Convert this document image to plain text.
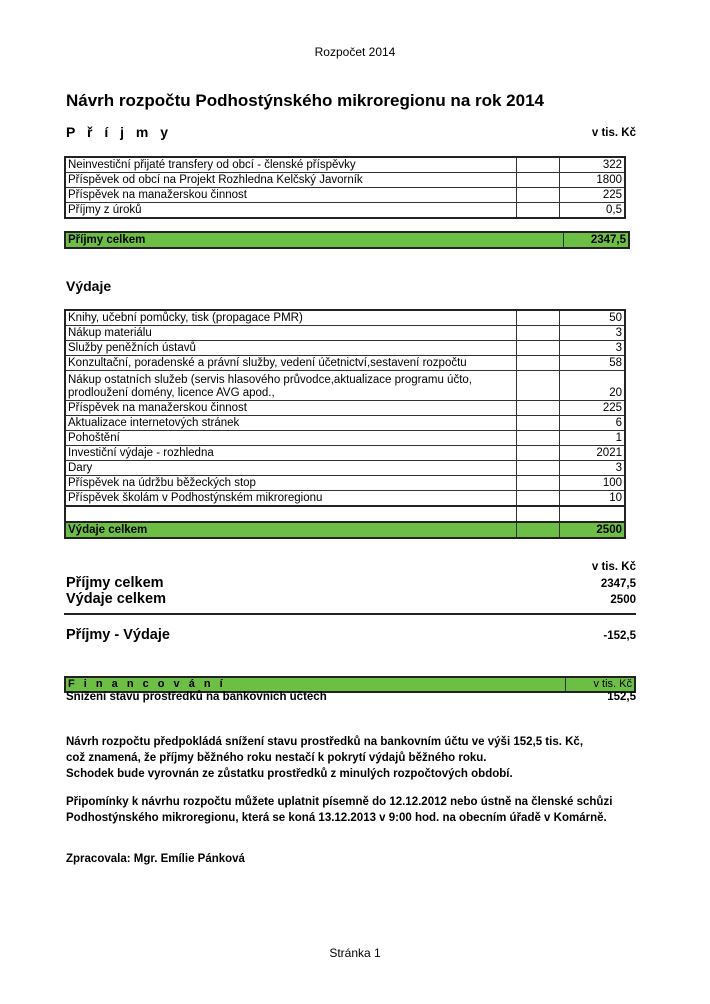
Rozpočet 2014
Návrh rozpočtu Podhostýnského mikroregionu na rok 2014
P ř í j m y	v tis. Kč
Neinvestiční přijaté transfery od obcí - členské příspěvky		322
Příspěvek od obcí na Projekt Rozhledna Kelčský Javorník		1800
Příspěvek na manažerskou činnost		225
Příjmy z úroků		0,5
Příjmy celkem	2347,5
Výdaje
Knihy, učební pomůcky, tisk (propagace PMR)		50
Nákup materiálu		3
Služby peněžních ústavů		3
Konzultační, poradenské a právní služby, vedení účetnictví,sestavení rozpočtu		58
Nákup ostatních služeb (servis hlasového průvodce,aktualizace programu účto, prodloužení domény, licence AVG apod.,		20
Příspěvek na manažerskou činnost		225
Aktualizace internetových stránek		6
Pohoštění		1
Investiční výdaje - rozhledna		2021
Dary		3
Příspěvek na údržbu běžeckých stop		100
Příspěvek školám v Podhostýnském mikroregionu		10

Výdaje celkem		2500
v tis. Kč
Příjmy celkem	2347,5
Výdaje celkem	2500
Příjmy - Výdaje	-152,5
F i n a n c o v á n í	v tis. Kč
Snížení stavu prostředků na bankovních účtech	152,5
Návrh rozpočtu předpokládá snížení stavu prostředků na bankovním účtu ve výši 152,5 tis. Kč,
což znamená, že příjmy běžného roku nestačí k pokrytí výdajů běžného roku.
Schodek bude vyrovnán ze zůstatku prostředků z minulých rozpočtových období.
Připomínky k návrhu rozpočtu můžete uplatnit písemně do 12.12.2012 nebo ústně na členské schůzi
Podhostýnského mikroregionu, která se koná 13.12.2013 v 9:00 hod. na obecním úřadě v Komárně.
Zpracovala: Mgr. Emílie Pánková
Stránka 1
